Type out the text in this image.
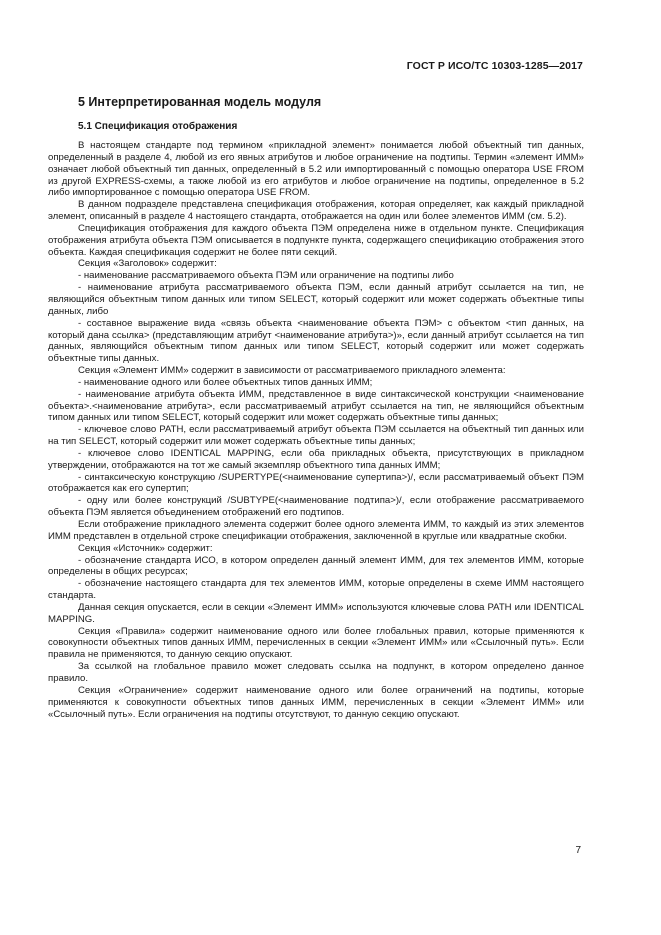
ГОСТ Р ИСО/ТС 10303-1285—2017
5 Интерпретированная модель модуля
5.1 Спецификация отображения

В настоящем стандарте под термином «прикладной элемент» понимается любой объектный тип данных, определенный в разделе 4, любой из его явных атрибутов и любое ограничение на подтипы. Термин «элемент ИММ» означает любой объектный тип данных, определенный в 5.2 или импортированный с помощью оператора USE FROM из другой EXPRESS-схемы, а также любой из его атрибутов и любое ограничение на подтипы, определенное в 5.2 либо импортированное с помощью оператора USE FROM.

В данном подразделе представлена спецификация отображения, которая определяет, как каждый прикладной элемент, описанный в разделе 4 настоящего стандарта, отображается на один или более элементов ИММ (см. 5.2).

Спецификация отображения для каждого объекта ПЭМ определена ниже в отдельном пункте. Спецификация отображения атрибута объекта ПЭМ описывается в подпункте пункта, содержащего спецификацию отображения этого объекта. Каждая спецификация содержит не более пяти секций.

Секция «Заголовок» содержит:

- наименование рассматриваемого объекта ПЭМ или ограничение на подтипы либо

- наименование атрибута рассматриваемого объекта ПЭМ, если данный атрибут ссылается на тип, не являющийся объектным типом данных или типом SELECT, который содержит или может содержать объектные типы данных, либо

- составное выражение вида «связь объекта <наименование объекта ПЭМ> с объектом <тип данных, на который дана ссылка> (представляющим атрибут <наименование атрибута>)», если данный атрибут ссылается на тип данных, являющийся объектным типом данных или типом SELECT, который содержит или может содержать объектные типы данных.

Секция «Элемент ИММ» содержит в зависимости от рассматриваемого прикладного элемента:

- наименование одного или более объектных типов данных ИММ;

- наименование атрибута объекта ИММ, представленное в виде синтаксической конструкции <наименование объекта>.<наименование атрибута>, если рассматриваемый атрибут ссылается на тип, не являющийся объектным типом данных или типом SELECT, который содержит или может содержать объектные типы данных;

- ключевое слово PATH, если рассматриваемый атрибут объекта ПЭМ ссылается на объектный тип данных или на тип SELECT, который содержит или может содержать объектные типы данных;

- ключевое слово IDENTICAL MAPPING, если оба прикладных объекта, присутствующих в прикладном утверждении, отображаются на тот же самый экземпляр объектного типа данных ИММ;

- синтаксическую конструкцию /SUPERTYPE(<наименование супертипа>)/, если рассматриваемый объект ПЭМ отображается как его супертип;

- одну или более конструкций /SUBTYPE(<наименование подтипа>)/, если отображение рассматриваемого объекта ПЭМ является объединением отображений его подтипов.

Если отображение прикладного элемента содержит более одного элемента ИММ, то каждый из этих элементов ИММ представлен в отдельной строке спецификации отображения, заключенной в круглые или квадратные скобки.

Секция «Источник» содержит:

- обозначение стандарта ИСО, в котором определен данный элемент ИММ, для тех элементов ИММ, которые определены в общих ресурсах;

- обозначение настоящего стандарта для тех элементов ИММ, которые определены в схеме ИММ настоящего стандарта.

Данная секция опускается, если в секции «Элемент ИММ» используются ключевые слова PATH или IDENTICAL MAPPING.

Секция «Правила» содержит наименование одного или более глобальных правил, которые применяются к совокупности объектных типов данных ИММ, перечисленных в секции «Элемент ИММ» или «Ссылочный путь». Если правила не применяются, то данную секцию опускают.

За ссылкой на глобальное правило может следовать ссылка на подпункт, в котором определено данное правило.

Секция «Ограничение» содержит наименование одного или более ограничений на подтипы, которые применяются к совокупности объектных типов данных ИММ, перечисленных в секции «Элемент ИММ» или «Ссылочный путь». Если ограничения на подтипы отсутствуют, то данную секцию опускают.

7
